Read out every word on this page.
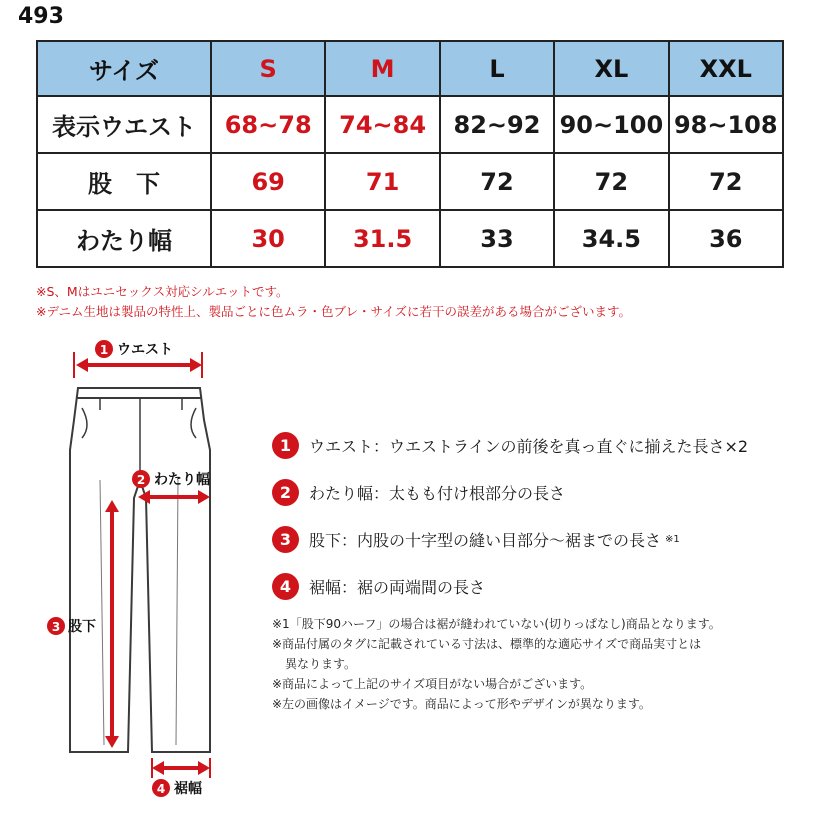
493
サイズ	S	M	L	XL	XXL
表示ウエスト	68~78	74~84	82~92	90~100	98~108
股　下	69	71	72	72	72
わたり幅	30	31.5	33	34.5	36
※S、Mはユニセックス対応シルエットです。
※デニム生地は製品の特性上、製品ごとに色ムラ・色ブレ・サイズに若干の誤差がある場合がございます。
1 ウエスト
2 わたり幅
3 股下
4 裾幅
1	ウエスト：ウエストラインの前後を真っ直ぐに揃えた長さ×2
2	わたり幅：太もも付け根部分の長さ
3	股下：内股の十字型の縫い目部分～裾までの長さ ※1
4	裾幅：裾の両端間の長さ
※1「股下90ハーフ」の場合は裾が縫われていない(切りっぱなし)商品となります。
※商品付属のタグに記載されている寸法は、標準的な適応サイズで商品実寸とは
異なります。
※商品によって上記のサイズ項目がない場合がございます。
※左の画像はイメージです。商品によって形やデザインが異なります。
